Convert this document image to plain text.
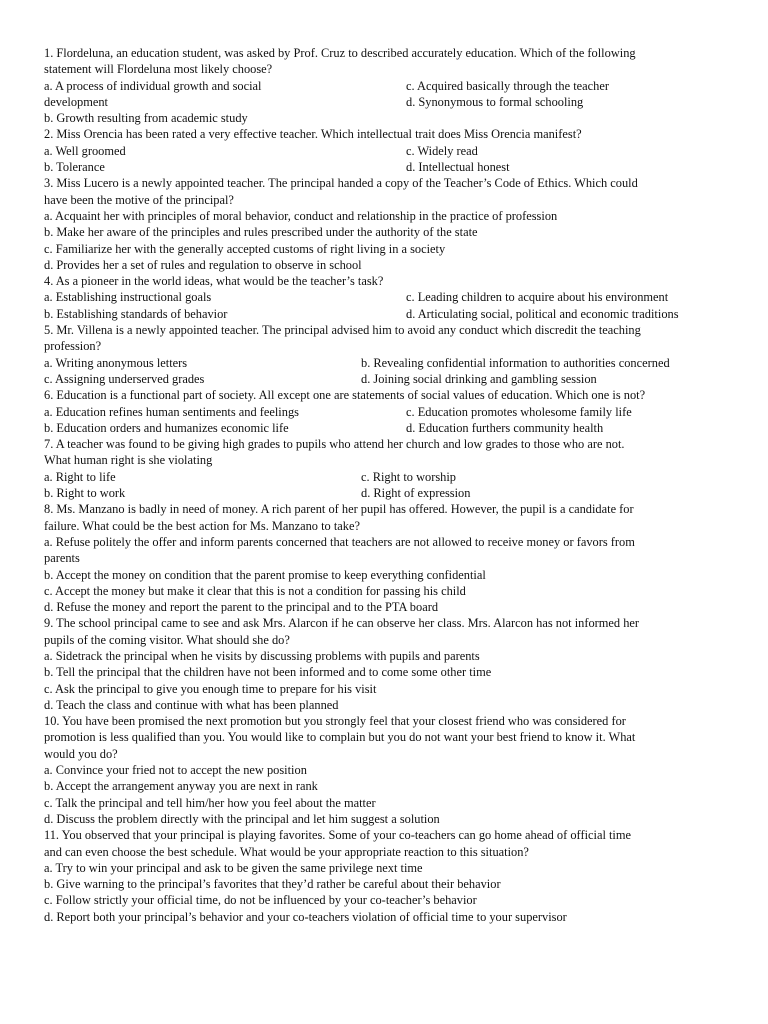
1. Flordeluna, an education student, was asked by Prof. Cruz to described accurately education. Which of the following
statement will Flordeluna most likely choose?
a. A process of individual growth and social	c. Acquired basically through the teacher
development	d. Synonymous to formal schooling
b. Growth resulting from academic study
2. Miss Orencia has been rated a very effective teacher. Which intellectual trait does Miss Orencia manifest?
a. Well groomed	c. Widely read
b. Tolerance	d. Intellectual honest
3. Miss Lucero is a newly appointed teacher. The principal handed a copy of the Teacher’s Code of Ethics. Which could
have been the motive of the principal?
a. Acquaint her with principles of moral behavior, conduct and relationship in the practice of profession
b. Make her aware of the principles and rules prescribed under the authority of the state
c. Familiarize her with the generally accepted customs of right living in a society
d. Provides her a set of rules and regulation to observe in school
4. As a pioneer in the world ideas, what would be the teacher’s task?
a. Establishing instructional goals	c. Leading children to acquire about his environment
b. Establishing standards of behavior	d. Articulating social, political and economic traditions
5. Mr. Villena is a newly appointed teacher. The principal advised him to avoid any conduct which discredit the teaching
profession?
a. Writing anonymous letters	b. Revealing confidential information to authorities concerned
c. Assigning underserved grades	d. Joining social drinking and gambling session
6. Education is a functional part of society. All except one are statements of social values of education. Which one is not?
a. Education refines human sentiments and feelings	c. Education promotes wholesome family life
b. Education orders and humanizes economic life	d. Education furthers community health
7. A teacher was found to be giving high grades to pupils who attend her church and low grades to those who are not.
What human right is she violating
a. Right to life	c. Right to worship
b. Right to work	d. Right of expression
8. Ms. Manzano is badly in need of money. A rich parent of her pupil has offered. However, the pupil is a candidate for
failure. What could be the best action for Ms. Manzano to take?
a. Refuse politely the offer and inform parents concerned that teachers are not allowed to receive money or favors from
parents
b. Accept the money on condition that the parent promise to keep everything confidential
c. Accept the money but make it clear that this is not a condition for passing his child
d. Refuse the money and report the parent to the principal and to the PTA board
9. The school principal came to see and ask Mrs. Alarcon if he can observe her class. Mrs. Alarcon has not informed her
pupils of the coming visitor. What should she do?
a. Sidetrack the principal when he visits by discussing problems with pupils and parents
b. Tell the principal that the children have not been informed and to come some other time
c. Ask the principal to give you enough time to prepare for his visit
d. Teach the class and continue with what has been planned
10. You have been promised the next promotion but you strongly feel that your closest friend who was considered for
promotion is less qualified than you. You would like to complain but you do not want your best friend to know it. What
would you do?
a. Convince your fried not to accept the new position
b. Accept the arrangement anyway you are next in rank
c. Talk the principal and tell him/her how you feel about the matter
d. Discuss the problem directly with the principal and let him suggest a solution
11. You observed that your principal is playing favorites. Some of your co-teachers can go home ahead of official time
and can even choose the best schedule. What would be your appropriate reaction to this situation?
a. Try to win your principal and ask to be given the same privilege next time
b. Give warning to the principal’s favorites that they’d rather be careful about their behavior
c. Follow strictly your official time, do not be influenced by your co-teacher’s behavior
d. Report both your principal’s behavior and your co-teachers violation of official time to your supervisor
